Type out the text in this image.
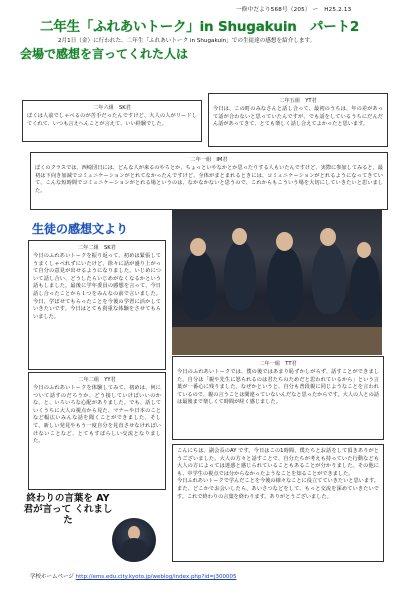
一修中だより568号（205） ー　H25.2.13
二年生「ふれあいトーク」in Shugakuin　パート2
2月1日（金）に行われた、二年生「ふれあいトーク in Shugakuin」での生徒達の感想を紹介します。
会場で感想を言ってくれた人は
二年六組　SK君
ぼくは人前でしゃべるのが苦手だったんですけど、大人の人がリードしてくれて、いつも言えへんことが言えて、いい経験でした。
二年五組　YT君
今日は、この町のみなさんと話し合って、最初のうちは、年の差があって話が合わないと思っていたんですが、でも話をしているうちにだんだん話があってきて、とても楽しく話し合えてよかったと思います。
二年一組　IM君
ぼくのクラスでは、西崎団日には、どんな人が来るのやろとか、ちょっといやなかとか思ったりする人もいたんですけど、実際に参加してみると、最初は下向き加減でコミュニケーションがとれてなかったんですけど、全体がまとまれるときには、コミュニケーションがとれるようになってきていて、こんな短時間でコミュニケーションがとれる場というのは、なかなかないと思うので、これからもこういう場を大切にしていきたいと思いました。
生徒の感想文より
二年二組　SK君
今日のふれあいトークを振り返って、初めは緊張してうまくしゃべれずにいたけど、徐々に話が盛り上がって自分の意見が出せるようになりました。いじめについて話し合い、どうしたらいじめがなくなるかという話もしました。最後に学年委員の感想を言って、今日話し合ったことから１つをみんなの前で言いました。今日、学ばせてもらったことを今後の学習に活かしていきたいです。今日はとても貴重な体験をさせてもらいました。
二年二組　YY君
今日のふれあいトークを体験してみて、初めは、何について話すのだろうか、どう接していけばいいのかな、と、いろいろな心配がありました。でも、話していくうちに大人の視点から見た、マナーや日本のことなど幅広いみんな話を聞くことができました。そして、新しい発見やもう一度自分を見直させなければいけないことなど、とてもすばらしい交流となりました。
二年一組　TT君
今日のふれあいトークでは、僕の後ではあまり恥ずかしがらず、話すことができました。自分は「親や先生に怒られるのは君たちのためだと思われているから」という言葉が一番心に残りました。なぜかというと、自分も普段親に同じようなことを言われているので、親の言うことは間違っていないんだなと思ったからです。大人の人との話は最後まで楽しくて時間が経く感じました。
こんにちは。副会長のAY です。今日はこの1時間、僕たちとお話をして頂きありがとうございました。大人の方々と話すことで、自分たちが考えも持っていた行動なども大人の方によっては迷惑と感じられていることもあることが分かりました。その他にも、中学生の視点では分からなかったようなことを知ることができました。
今日ふれあいトークで学んだことを今後の様々なことに役立てていきたいと思います。また、どこかでお会いしたら、あいさつなどをして、もっと交流を深めていきたいです。これで終わりの言葉を終わります。ありがとうございました。
終わりの言葉を AY君が言って くれました
学校ホームページ http://ems.edu.city.kyoto.jp/weblog/index.php?id=j300005
